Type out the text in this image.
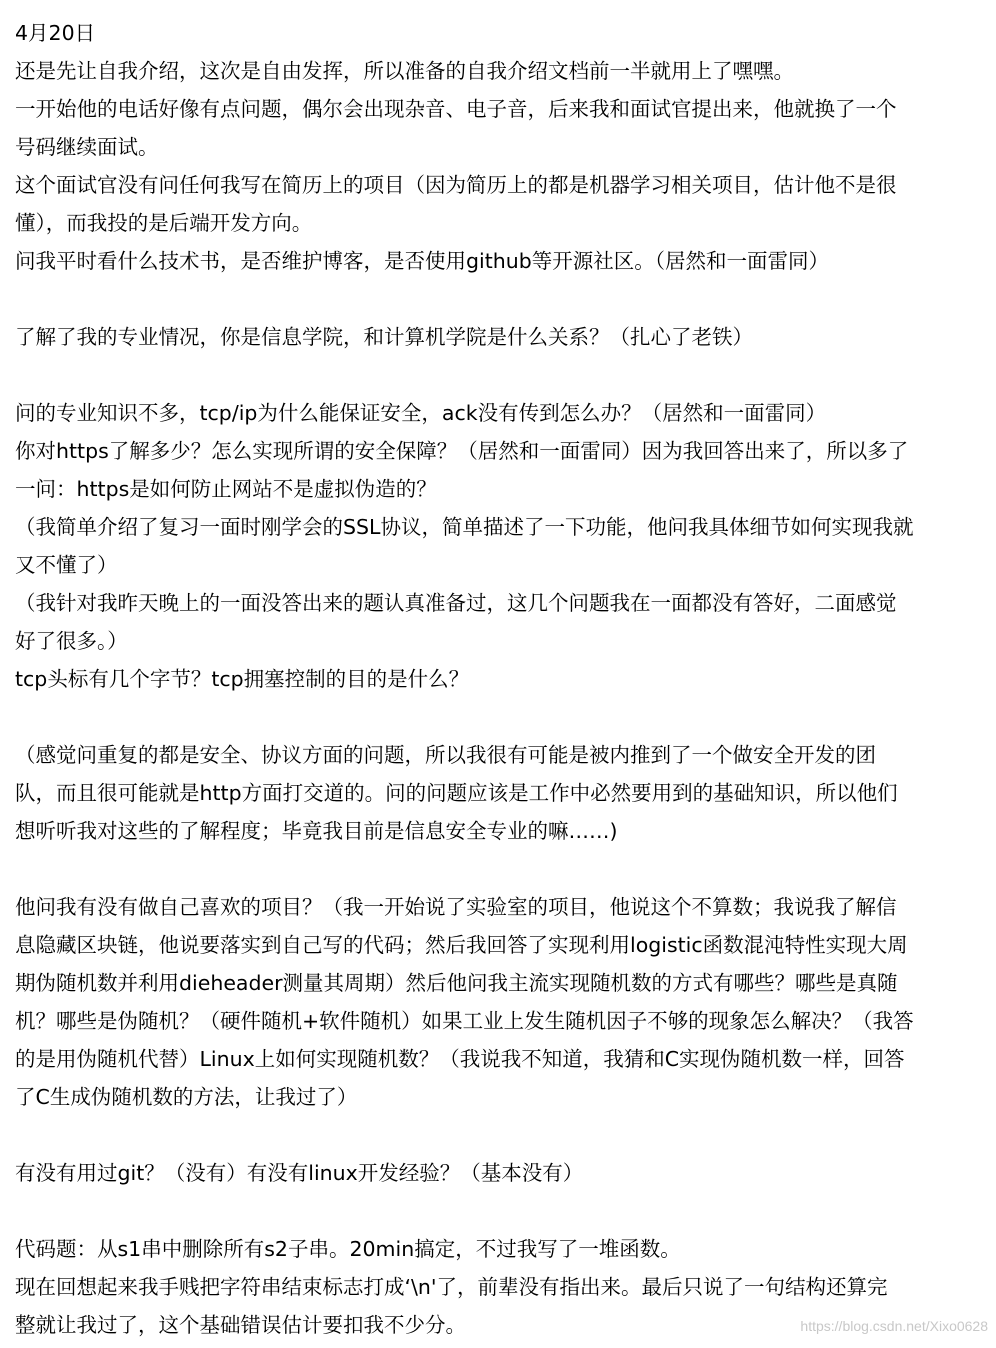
4月20日
还是先让自我介绍，这次是自由发挥，所以准备的自我介绍文档前一半就用上了嘿嘿。
一开始他的电话好像有点问题，偶尔会出现杂音、电子音，后来我和面试官提出来，他就换了一个
号码继续面试。
这个面试官没有问任何我写在简历上的项目（因为简历上的都是机器学习相关项目，估计他不是很
懂），而我投的是后端开发方向。
问我平时看什么技术书，是否维护博客，是否使用github等开源社区。（居然和一面雷同）
了解了我的专业情况，你是信息学院，和计算机学院是什么关系？（扎心了老铁）
问的专业知识不多，tcp/ip为什么能保证安全，ack没有传到怎么办？（居然和一面雷同）
你对https了解多少？怎么实现所谓的安全保障？（居然和一面雷同）因为我回答出来了，所以多了
一问：https是如何防止网站不是虚拟伪造的？
（我简单介绍了复习一面时刚学会的SSL协议，简单描述了一下功能，他问我具体细节如何实现我就
又不懂了）
（我针对我昨天晚上的一面没答出来的题认真准备过，这几个问题我在一面都没有答好，二面感觉
好了很多。）
tcp头标有几个字节？tcp拥塞控制的目的是什么？
（感觉问重复的都是安全、协议方面的问题，所以我很有可能是被内推到了一个做安全开发的团
队，而且很可能就是http方面打交道的。问的问题应该是工作中必然要用到的基础知识，所以他们
想听听我对这些的了解程度；毕竟我目前是信息安全专业的嘛……)
他问我有没有做自己喜欢的项目？（我一开始说了实验室的项目，他说这个不算数；我说我了解信
息隐藏区块链，他说要落实到自己写的代码；然后我回答了实现利用logistic函数混沌特性实现大周
期伪随机数并利用dieheader测量其周期）然后他问我主流实现随机数的方式有哪些？哪些是真随
机？哪些是伪随机？（硬件随机+软件随机）如果工业上发生随机因子不够的现象怎么解决？（我答
的是用伪随机代替）Linux上如何实现随机数？（我说我不知道，我猜和C实现伪随机数一样，回答
了C生成伪随机数的方法，让我过了）
有没有用过git？（没有）有没有linux开发经验？（基本没有）
代码题：从s1串中删除所有s2子串。20min搞定，不过我写了一堆函数。
现在回想起来我手贱把字符串结束标志打成‘\n'了，前辈没有指出来。最后只说了一句结构还算完
整就让我过了，这个基础错误估计要扣我不少分。	https://blog.csdn.net/Xixo0628
